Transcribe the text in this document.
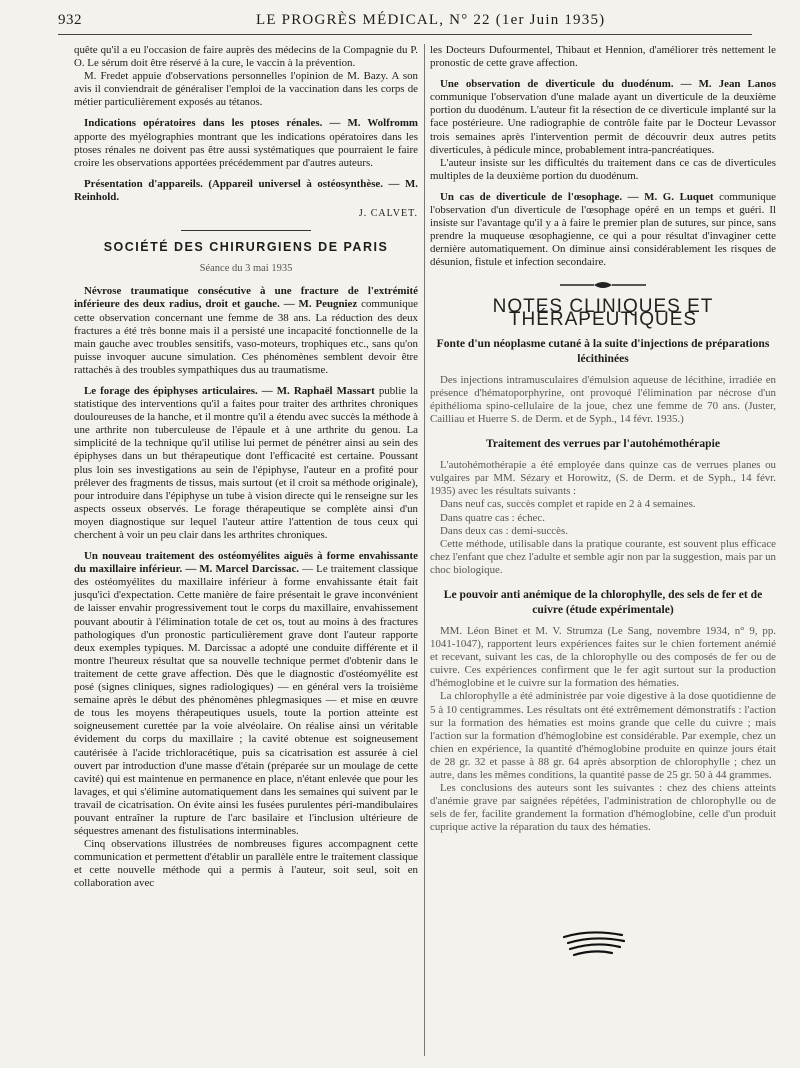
932	LE PROGRÈS MÉDICAL, N° 22 (1er Juin 1935)

quête qu'il a eu l'occasion de faire auprès des médecins de la Compagnie du P. O. Le sérum doit être réservé à la cure, le vaccin à la prévention.

M. Fredet appuie d'observations personnelles l'opinion de M. Bazy. A son avis il conviendrait de généraliser l'emploi de la vaccination dans les corps de métier particulièrement exposés au tétanos.

Indications opératoires dans les ptoses rénales. — M. Wolfromm apporte des myélographies montrant que les indications opératoires dans les ptoses rénales ne doivent pas être aussi systématiques que pourraient le faire croire les observations apportées précédemment par d'autres auteurs.

Présentation d'appareils. (Appareil universel à ostéosynthèse. — M. Reinhold.

J. CALVET.
SOCIÉTÉ DES CHIRURGIENS DE PARIS
Séance du 3 mai 1935

Névrose traumatique consécutive à une fracture de l'extrémité inférieure des deux radius, droit et gauche. — M. Peugniez communique cette observation concernant une femme de 38 ans. La réduction des deux fractures a été très bonne mais il a persisté une incapacité fonctionnelle de la main gauche avec troubles sensitifs, vaso-moteurs, trophiques etc., sans qu'on puisse invoquer aucune simulation. Ces phénomènes semblent devoir être rattachés à des troubles sympathiques dus au traumatisme.

Le forage des épiphyses articulaires. — M. Raphaël Massart publie la statistique des interventions qu'il a faites pour traiter des arthrites chroniques douloureuses de la hanche, et il montre qu'il a étendu avec succès la méthode à une arthrite non tuberculeuse de l'épaule et à une arthrite du genou. La simplicité de la technique qu'il utilise lui permet de pénétrer ainsi au sein des épiphyses dans un but thérapeutique dont l'efficacité est certaine. Poussant plus loin ses investigations au sein de l'épiphyse, l'auteur en a profité pour prélever des fragments de tissus, mais surtout (et il croit sa méthode originale), pour introduire dans l'épiphyse un tube à vision directe qui le renseigne sur les aspects osseux observés. Le forage thérapeutique se complète ainsi d'un moyen diagnostique sur lequel l'auteur attire l'attention de tous ceux qui cherchent à voir un peu clair dans les arthrites chroniques.

Un nouveau traitement des ostéomyélites aiguës à forme envahissante du maxillaire inférieur. — M. Marcel Darcissac. — Le traitement classique des ostéomyélites du maxillaire inférieur à forme envahissante était fait jusqu'ici d'expectation. Cette manière de faire présentait le grave inconvénient de laisser envahir progressivement tout le corps du maxillaire, envahissement pouvant aboutir à l'élimination totale de cet os, tout au moins à des fractures pathologiques d'un pronostic particulièrement grave dont l'auteur rapporte deux exemples typiques. M. Darcissac a adopté une conduite différente et il montre l'heureux résultat que sa nouvelle technique permet d'obtenir dans le traitement de cette grave affection. Dès que le diagnostic d'ostéomyélite est posé (signes cliniques, signes radiologiques) — en général vers la troisième semaine après le début des phénomènes phlegmasiques — et mise en œuvre de tous les moyens thérapeutiques usuels, toute la portion atteinte est soigneusement curettée par la voie alvéolaire. On réalise ainsi un véritable évidement du corps du maxillaire ; la cavité obtenue est soigneusement cautérisée à l'acide trichloracétique, puis sa cicatrisation est assurée à ciel ouvert par introduction d'une masse d'étain (préparée sur un moulage de cette cavité) qui est maintenue en permanence en place, n'étant enlevée que pour les lavages, et qui s'élimine automatiquement dans les semaines qui suivent par le travail de cicatrisation. On évite ainsi les fusées purulentes péri-mandibulaires pouvant entraîner la rupture de l'arc basilaire et l'inclusion ultérieure de séquestres amenant des fistulisations interminables.

Cinq observations illustrées de nombreuses figures accompagnent cette communication et permettent d'établir un parallèle entre le traitement classique et cette nouvelle méthode qui a permis à l'auteur, soit seul, soit en collaboration avec

les Docteurs Dufourmentel, Thibaut et Hennion, d'améliorer très nettement le pronostic de cette grave affection.

Une observation de diverticule du duodénum. — M. Jean Lanos communique l'observation d'une malade ayant un diverticule de la deuxième portion du duodénum. L'auteur fit la résection de ce diverticule implanté sur la face postérieure. Une radiographie de contrôle faite par le Docteur Levassor trois semaines après l'intervention permit de découvrir deux autres petits diverticules, à pédicule mince, probablement intra-pancréatiques.

L'auteur insiste sur les difficultés du traitement dans ce cas de diverticules multiples de la deuxième portion du duodénum.

Un cas de diverticule de l'œsophage. — M. G. Luquet communique l'observation d'un diverticule de l'œsophage opéré en un temps et guéri. Il insiste sur l'avantage qu'il y a à faire le premier plan de sutures, sur pince, sans prendre la muqueuse œsophagienne, ce qui a pour résultat d'invaginer cette dernière automatiquement. On diminue ainsi considérablement les risques de désunion, fistule et infection secondaire.

NOTES CLINIQUES ET THÉRAPEUTIQUES
Fonte d'un néoplasme cutané à la suite d'injections de préparations lécithinées

Des injections intramusculaires d'émulsion aqueuse de lécithine, irradiée en présence d'hématoporphyrine, ont provoqué l'élimination par nécrose d'un épithélioma spino-cellulaire de la joue, chez une femme de 70 ans. (Juster, Cailliau et Huerre S. de Derm. et de Syph., 14 févr. 1935.)

Traitement des verrues par l'autohémothérapie

L'autohémothérapie a été employée dans quinze cas de verrues planes ou vulgaires par MM. Sézary et Horowitz, (S. de Derm. et de Syph., 14 févr. 1935) avec les résultats suivants :

Dans neuf cas, succès complet et rapide en 2 à 4 semaines.

Dans quatre cas : échec.

Dans deux cas : demi-succès.

Cette méthode, utilisable dans la pratique courante, est souvent plus efficace chez l'enfant que chez l'adulte et semble agir non par la suggestion, mais par un choc biologique.

Le pouvoir anti anémique de la chlorophylle, des sels de fer et de cuivre (étude expérimentale)

MM. Léon Binet et M. V. Strumza (Le Sang, novembre 1934, n° 9, pp. 1041-1047), rapportent leurs expériences faites sur le chien fortement anémié et recevant, suivant les cas, de la chlorophylle ou des composés de fer ou de cuivre. Ces expériences confirment que le fer agit surtout sur la production d'hémoglobine et le cuivre sur la formation des hématies.

La chlorophylle a été administrée par voie digestive à la dose quotidienne de 5 à 10 centigrammes. Les résultats ont été extrêmement démonstratifs : l'action sur la formation des hématies est moins grande que celle du cuivre ; mais l'action sur la formation d'hémoglobine est considérable. Par exemple, chez un chien en expérience, la quantité d'hémoglobine produite en quinze jours était de 28 gr. 32 et passe à 88 gr. 64 après absorption de chlorophylle ; chez un autre, dans les mêmes conditions, la quantité passe de 25 gr. 50 à 44 grammes.

Les conclusions des auteurs sont les suivantes : chez des chiens atteints d'anémie grave par saignées répétées, l'administration de chlorophylle ou de sels de fer, facilite grandement la formation d'hémoglobine, celle d'un produit cuprique active la réparation du taux des hématies.
